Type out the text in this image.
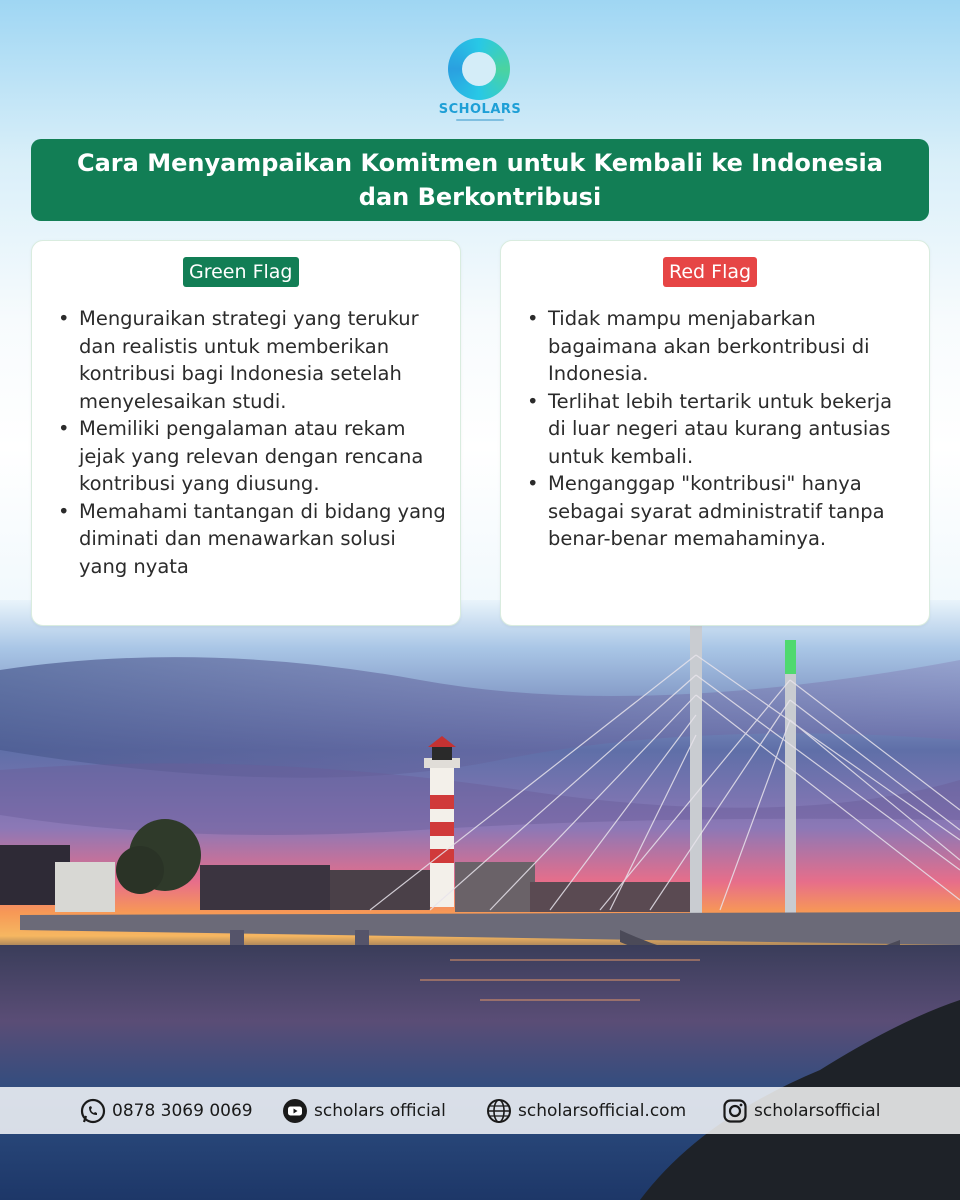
SCHOLARS
Cara Menyampaikan Komitmen untuk Kembali ke Indonesia
dan Berkontribusi
Green Flag
• Menguraikan strategi yang terukur dan realistis untuk memberikan kontribusi bagi Indonesia setelah menyelesaikan studi.
• Memiliki pengalaman atau rekam jejak yang relevan dengan rencana kontribusi yang diusung.
• Memahami tantangan di bidang yang diminati dan menawarkan solusi yang nyata
Red Flag
• Tidak mampu menjabarkan bagaimana akan berkontribusi di Indonesia.
• Terlihat lebih tertarik untuk bekerja di luar negeri atau kurang antusias untuk kembali.
• Menganggap "kontribusi" hanya sebagai syarat administratif tanpa benar-benar memahaminya.
0878 3069 0069	scholars official	scholarsofficial.com	scholarsofficial
